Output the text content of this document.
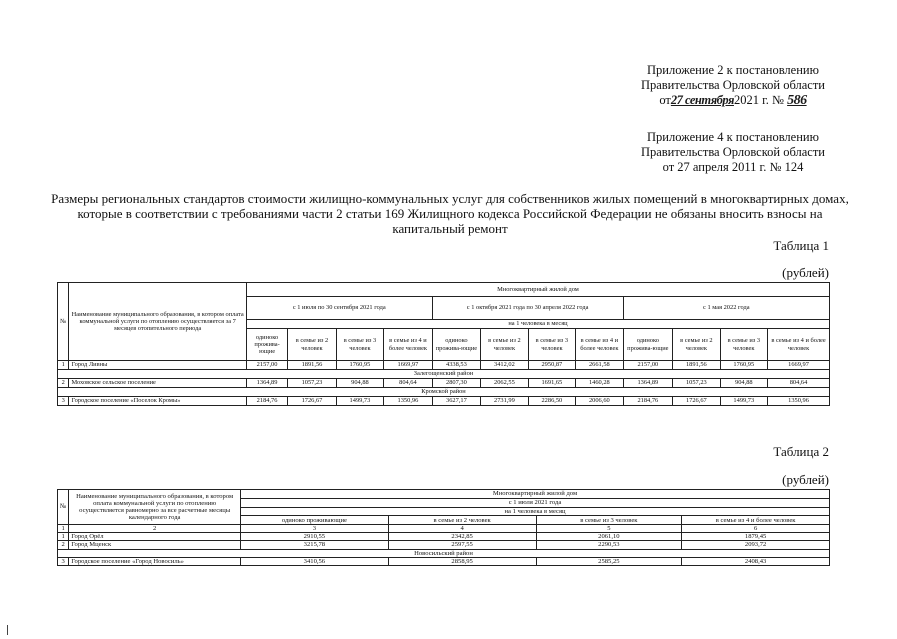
Приложение 2 к постановлению
Правительства Орловской области
от27 сентября2021 г. № 586
Приложение 4 к постановлению
Правительства Орловской области
от 27 апреля 2011 г. № 124
Размеры региональных стандартов стоимости жилищно-коммунальных услуг для собственников жилых помещений в многоквартирных домах, которые в соответствии с требованиями части 2 статьи 169 Жилищного кодекса Российской Федерации не обязаны вносить взносы на капитальный ремонт
Таблица 1
(рублей)
№	Наименование муниципального образования, в котором оплата коммунальной услуги по отоплению осуществляется за 7 месяцев отопительного периода	Многоквартирный жилой дом											
		с 1 июля по 30 сентября 2021 года				с 1 октября 2021 года по 30 апреля 2022 года				с 1 мая 2022 года			
		на 1 человека в месяц											
		одиноко прожива-ющие	в семье из 2 человек	в семье из 3 человек	в семье из 4 и более человек	одиноко прожива-ющие	в семье из 2 человек	в семье из 3 человек	в семье из 4 и более человек	одиноко прожива-ющие	в семье из 2 человек	в семье из 3 человек	в семье из 4 и более человек
1	Город Ливны	2157,00	1891,56	1760,95	1669,97	4338,53	3412,02	2950,87	2661,58	2157,00	1891,56	1760,95	1669,97
Залегощенский район													
2	Моховское сельское поселение	1364,89	1057,23	904,88	804,64	2807,30	2062,55	1691,65	1460,28	1364,89	1057,23	904,88	804,64
Кромской район													
3	Городское поселение «Поселок Кромы»	2184,76	1726,67	1499,73	1350,96	3627,17	2731,99	2286,50	2006,60	2184,76	1726,67	1499,73	1350,96
Таблица 2
(рублей)
№	Наименование муниципального образования, в котором оплата коммунальной услуги по отоплению осуществляется равномерно за все расчетные месяцы календарного года	Многоквартирный жилой дом			
		с 1 июля 2021 года			
		на 1 человека в месяц			
		одиноко проживающие	в семье из 2 человек	в семье из 3 человек	в семье из 4 и более человек
1	2	3	4	5	6
1	Город Орёл	2910,55	2342,85	2061,10	1879,45
2	Город Мценск	3215,78	2597,55	2290,53	2093,72
Новосильский район					
3	Городское поселение «Город Новосиль»	3410,56	2858,95	2585,25	2408,43
